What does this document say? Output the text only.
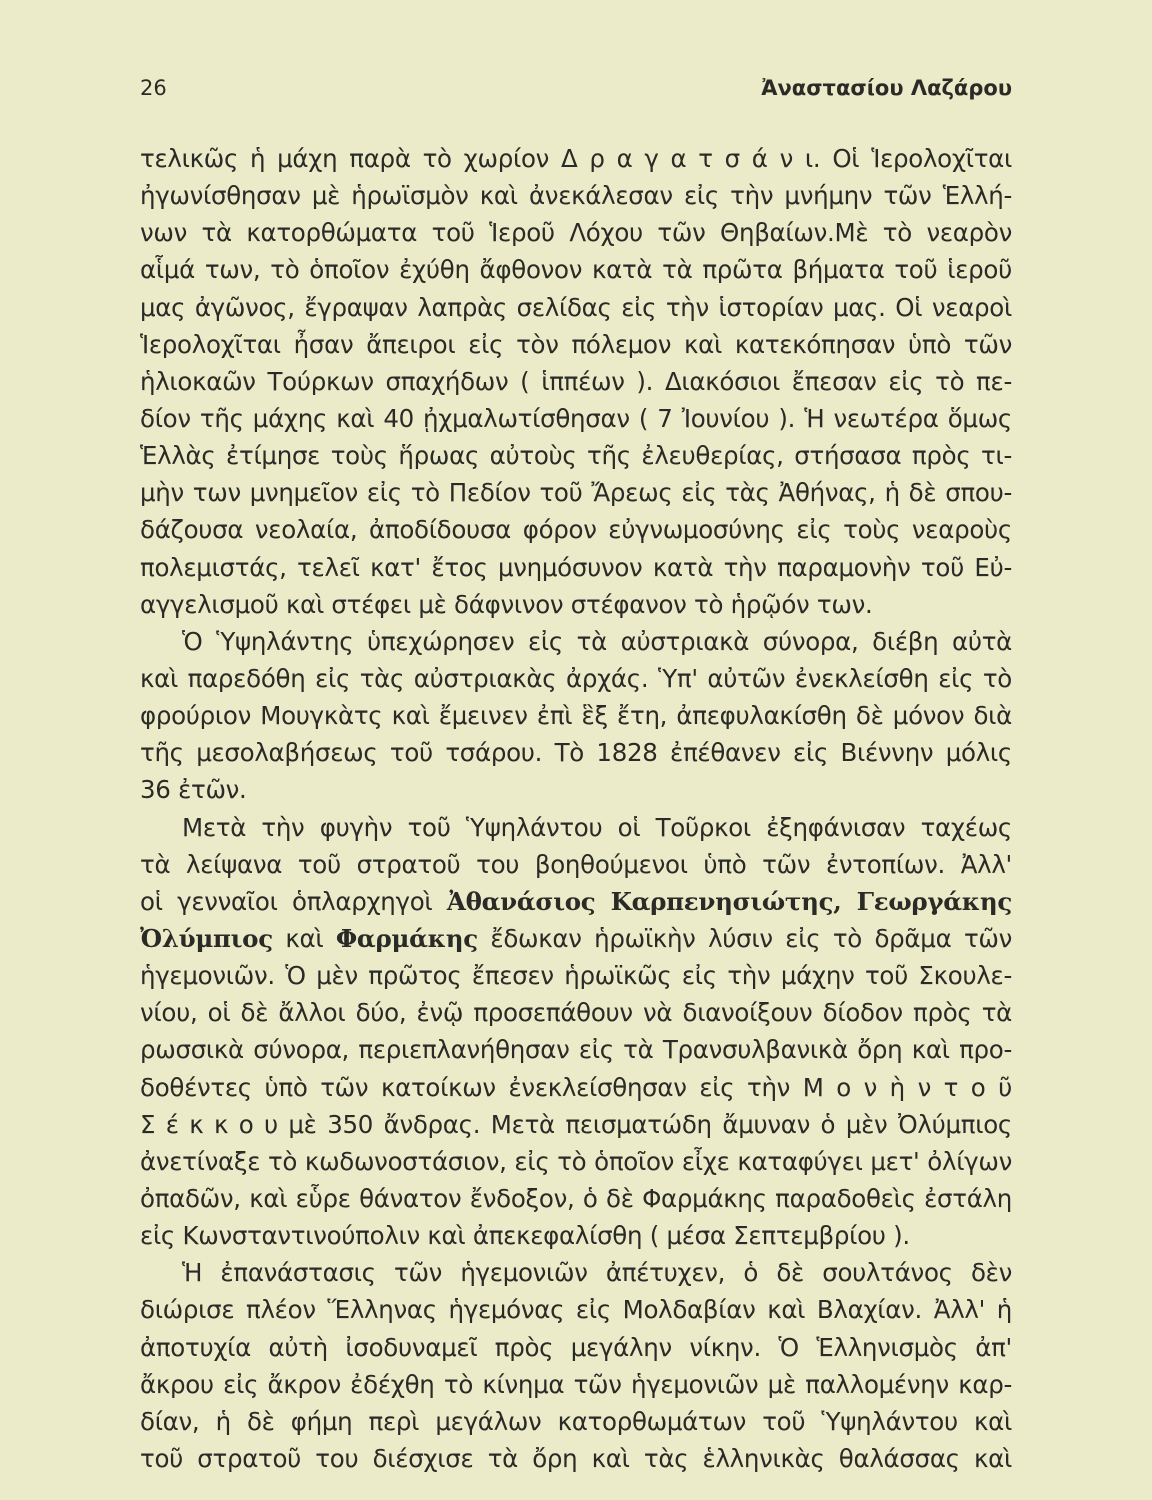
26	Ἀναστασίου Λαζάρου
τελικῶς ἡ μάχη παρὰ τὸ χωρίον Δ ρ α γ α τ σ ά ν ι. Οἱ Ἱερολοχῖται
ἠγωνίσθησαν μὲ ἡρωϊσμὸν καὶ ἀνεκάλεσαν εἰς τὴν μνήμην τῶν Ἑλλή-
νων τὰ κατορθώματα τοῦ Ἱεροῦ Λόχου τῶν Θηβαίων.Μὲ τὸ νεαρὸν
αἷμά των, τὸ ὁποῖον ἐχύθη ἄφθονον κατὰ τὰ πρῶτα βήματα τοῦ ἱεροῦ
μας ἀγῶνος, ἔγραψαν λαπρὰς σελίδας εἰς τὴν ἱστορίαν μας. Οἱ νεαροὶ
Ἱερολοχῖται ἦσαν ἄπειροι εἰς τὸν πόλεμον καὶ κατεκόπησαν ὑπὸ τῶν
ἡλιοκαῶν Τούρκων σπαχήδων ( ἱππέων ). Διακόσιοι ἔπεσαν εἰς τὸ πε-
δίον τῆς μάχης καὶ 40 ᾐχμαλωτίσθησαν ( 7 Ἰουνίου ). Ἡ νεωτέρα ὅμως
Ἑλλὰς ἐτίμησε τοὺς ἥρωας αὐτοὺς τῆς ἐλευθερίας, στήσασα πρὸς τι-
μὴν των μνημεῖον εἰς τὸ Πεδίον τοῦ Ἄρεως εἰς τὰς Ἀθήνας, ἡ δὲ σπου-
δάζουσα νεολαία, ἀποδίδουσα φόρον εὐγνωμοσύνης εἰς τοὺς νεαροὺς
πολεμιστάς, τελεῖ κατ' ἔτος μνημόσυνον κατὰ τὴν παραμονὴν τοῦ Εὐ-
αγγελισμοῦ καὶ στέφει μὲ δάφνινον στέφανον τὸ ἡρῷόν των.
Ὁ Ὑψηλάντης ὑπεχώρησεν εἰς τὰ αὐστριακὰ σύνορα, διέβη αὐτὰ
καὶ παρεδόθη εἰς τὰς αὐστριακὰς ἀρχάς. Ὑπ' αὐτῶν ἐνεκλείσθη εἰς τὸ
φρούριον Μουγκὰτς καὶ ἔμεινεν ἐπὶ ἓξ ἔτη, ἀπεφυλακίσθη δὲ μόνον διὰ
τῆς μεσολαβήσεως τοῦ τσάρου. Τὸ 1828 ἐπέθανεν εἰς Βιέννην μόλις
36 ἐτῶν.
Μετὰ τὴν φυγὴν τοῦ Ὑψηλάντου οἱ Τοῦρκοι ἐξηφάνισαν ταχέως
τὰ λείψανα τοῦ στρατοῦ του βοηθούμενοι ὑπὸ τῶν ἐντοπίων. Ἀλλ'
οἱ γενναῖοι ὁπλαρχηγοὶ Ἀθανάσιος Καρπενησιώτης, Γεωργάκης
Ὀλύμπιος καὶ Φαρμάκης ἔδωκαν ἡρωϊκὴν λύσιν εἰς τὸ δρᾶμα τῶν
ἡγεμονιῶν. Ὁ μὲν πρῶτος ἔπεσεν ἡρωϊκῶς εἰς τὴν μάχην τοῦ Σκουλε-
νίου, οἱ δὲ ἄλλοι δύο, ἐνῷ προσεπάθουν νὰ διανοίξουν δίοδον πρὸς τὰ
ρωσσικὰ σύνορα, περιεπλανήθησαν εἰς τὰ Τρανσυλβανικὰ ὄρη καὶ προ-
δοθέντες ὑπὸ τῶν κατοίκων ἐνεκλείσθησαν εἰς τὴν Μ ο ν ὴ ν τ ο ῦ
Σ έ κ κ ο υ μὲ 350 ἄνδρας. Μετὰ πεισματώδη ἄμυναν ὁ μὲν Ὀλύμπιος
ἀνετίναξε τὸ κωδωνοστάσιον, εἰς τὸ ὁποῖον εἶχε καταφύγει μετ' ὀλίγων
ὀπαδῶν, καὶ εὗρε θάνατον ἔνδοξον, ὁ δὲ Φαρμάκης παραδοθεὶς ἐστάλη
εἰς Κωνσταντινούπολιν καὶ ἀπεκεφαλίσθη ( μέσα Σεπτεμβρίου ).
Ἡ ἐπανάστασις τῶν ἡγεμονιῶν ἀπέτυχεν, ὁ δὲ σουλτάνος δὲν
διώρισε πλέον Ἕλληνας ἡγεμόνας εἰς Μολδαβίαν καὶ Βλαχίαν. Ἀλλ' ἡ
ἀποτυχία αὐτὴ ἰσοδυναμεῖ πρὸς μεγάλην νίκην. Ὁ Ἑλληνισμὸς ἀπ'
ἄκρου εἰς ἄκρον ἐδέχθη τὸ κίνημα τῶν ἡγεμονιῶν μὲ παλλομένην καρ-
δίαν, ἡ δὲ φήμη περὶ μεγάλων κατορθωμάτων τοῦ Ὑψηλάντου καὶ
τοῦ στρατοῦ του διέσχισε τὰ ὄρη καὶ τὰς ἑλληνικὰς θαλάσσας καὶ
